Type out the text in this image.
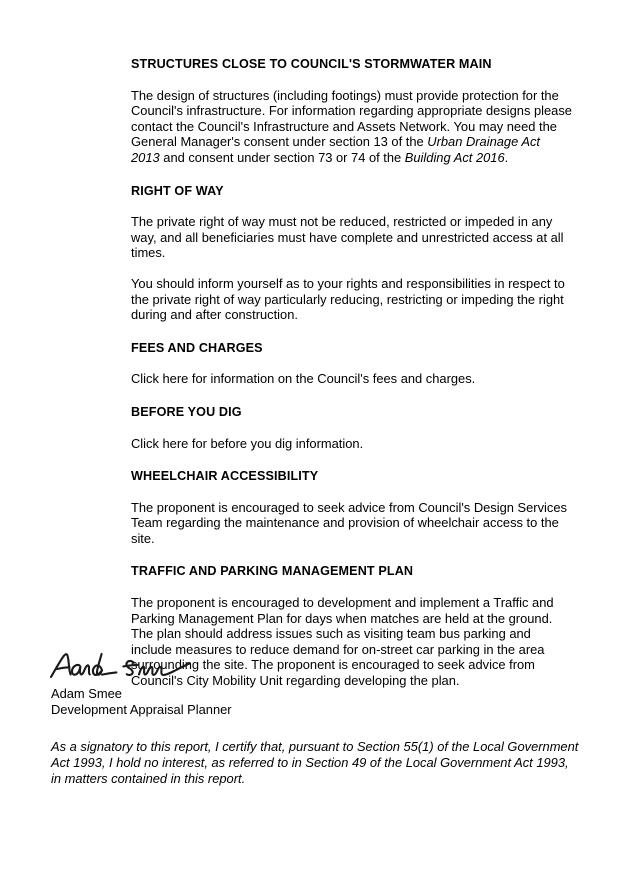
STRUCTURES CLOSE TO COUNCIL'S STORMWATER MAIN

The design of structures (including footings) must provide protection for the Council's infrastructure. For information regarding appropriate designs please contact the Council's Infrastructure and Assets Network. You may need the General Manager's consent under section 13 of the Urban Drainage Act 2013 and consent under section 73 or 74 of the Building Act 2016.

RIGHT OF WAY

The private right of way must not be reduced, restricted or impeded in any way, and all beneficiaries must have complete and unrestricted access at all times.

You should inform yourself as to your rights and responsibilities in respect to the private right of way particularly reducing, restricting or impeding the right during and after construction.

FEES AND CHARGES

Click here for information on the Council's fees and charges.

BEFORE YOU DIG

Click here for before you dig information.

WHEELCHAIR ACCESSIBILITY

The proponent is encouraged to seek advice from Council's Design Services Team regarding the maintenance and provision of wheelchair access to the site.

TRAFFIC AND PARKING MANAGEMENT PLAN

The proponent is encouraged to development and implement a Traffic and Parking Management Plan for days when matches are held at the ground. The plan should address issues such as visiting team bus parking and include measures to reduce demand for on-street car parking in the area surrounding the site. The proponent is encouraged to seek advice from Council's City Mobility Unit regarding developing the plan.

Adam Smee

Development Appraisal Planner

As a signatory to this report, I certify that, pursuant to Section 55(1) of the Local Government Act 1993, I hold no interest, as referred to in Section 49 of the Local Government Act 1993, in matters contained in this report.
